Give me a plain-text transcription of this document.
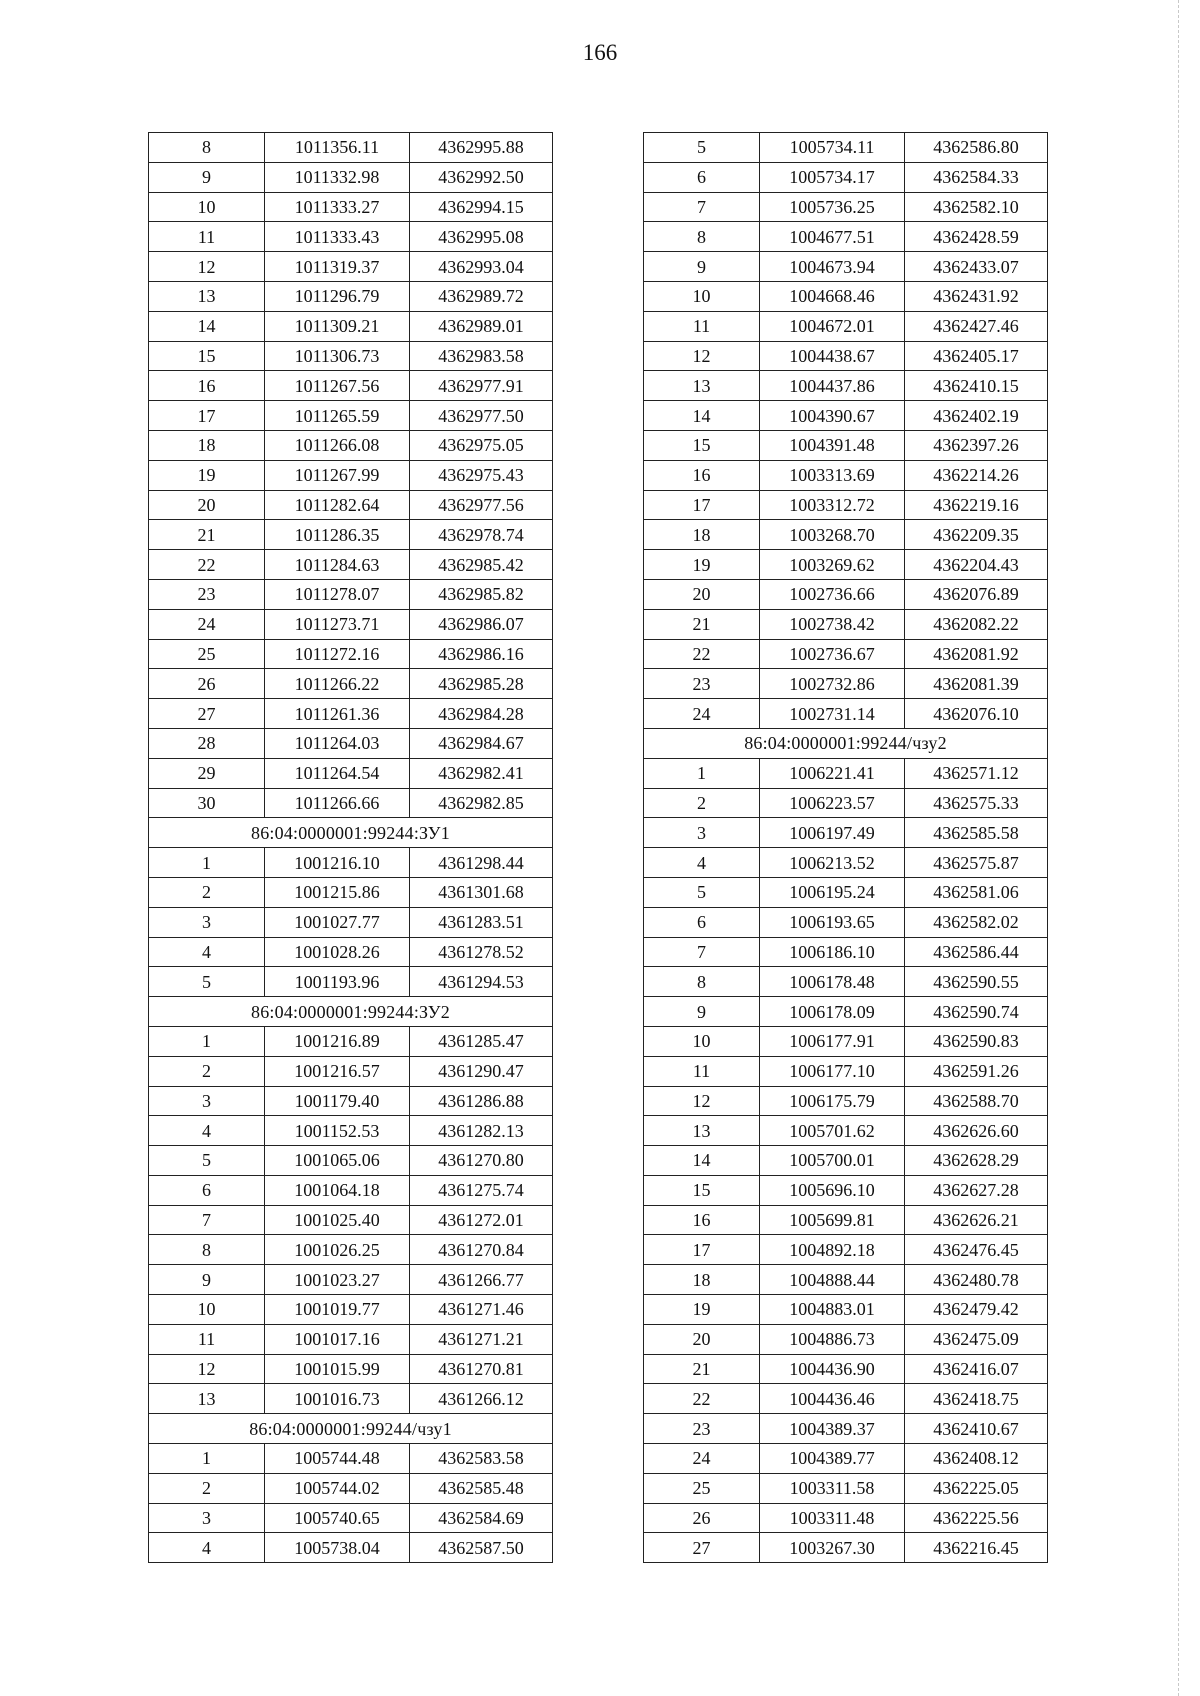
166
8	1011356.11	4362995.88
9	1011332.98	4362992.50
10	1011333.27	4362994.15
11	1011333.43	4362995.08
12	1011319.37	4362993.04
13	1011296.79	4362989.72
14	1011309.21	4362989.01
15	1011306.73	4362983.58
16	1011267.56	4362977.91
17	1011265.59	4362977.50
18	1011266.08	4362975.05
19	1011267.99	4362975.43
20	1011282.64	4362977.56
21	1011286.35	4362978.74
22	1011284.63	4362985.42
23	1011278.07	4362985.82
24	1011273.71	4362986.07
25	1011272.16	4362986.16
26	1011266.22	4362985.28
27	1011261.36	4362984.28
28	1011264.03	4362984.67
29	1011264.54	4362982.41
30	1011266.66	4362982.85
86:04:0000001:99244:ЗУ1		
1	1001216.10	4361298.44
2	1001215.86	4361301.68
3	1001027.77	4361283.51
4	1001028.26	4361278.52
5	1001193.96	4361294.53
86:04:0000001:99244:ЗУ2		
1	1001216.89	4361285.47
2	1001216.57	4361290.47
3	1001179.40	4361286.88
4	1001152.53	4361282.13
5	1001065.06	4361270.80
6	1001064.18	4361275.74
7	1001025.40	4361272.01
8	1001026.25	4361270.84
9	1001023.27	4361266.77
10	1001019.77	4361271.46
11	1001017.16	4361271.21
12	1001015.99	4361270.81
13	1001016.73	4361266.12
86:04:0000001:99244/чзу1		
1	1005744.48	4362583.58
2	1005744.02	4362585.48
3	1005740.65	4362584.69
4	1005738.04	4362587.50
5	1005734.11	4362586.80
6	1005734.17	4362584.33
7	1005736.25	4362582.10
8	1004677.51	4362428.59
9	1004673.94	4362433.07
10	1004668.46	4362431.92
11	1004672.01	4362427.46
12	1004438.67	4362405.17
13	1004437.86	4362410.15
14	1004390.67	4362402.19
15	1004391.48	4362397.26
16	1003313.69	4362214.26
17	1003312.72	4362219.16
18	1003268.70	4362209.35
19	1003269.62	4362204.43
20	1002736.66	4362076.89
21	1002738.42	4362082.22
22	1002736.67	4362081.92
23	1002732.86	4362081.39
24	1002731.14	4362076.10
86:04:0000001:99244/чзу2		
1	1006221.41	4362571.12
2	1006223.57	4362575.33
3	1006197.49	4362585.58
4	1006213.52	4362575.87
5	1006195.24	4362581.06
6	1006193.65	4362582.02
7	1006186.10	4362586.44
8	1006178.48	4362590.55
9	1006178.09	4362590.74
10	1006177.91	4362590.83
11	1006177.10	4362591.26
12	1006175.79	4362588.70
13	1005701.62	4362626.60
14	1005700.01	4362628.29
15	1005696.10	4362627.28
16	1005699.81	4362626.21
17	1004892.18	4362476.45
18	1004888.44	4362480.78
19	1004883.01	4362479.42
20	1004886.73	4362475.09
21	1004436.90	4362416.07
22	1004436.46	4362418.75
23	1004389.37	4362410.67
24	1004389.77	4362408.12
25	1003311.58	4362225.05
26	1003311.48	4362225.56
27	1003267.30	4362216.45
